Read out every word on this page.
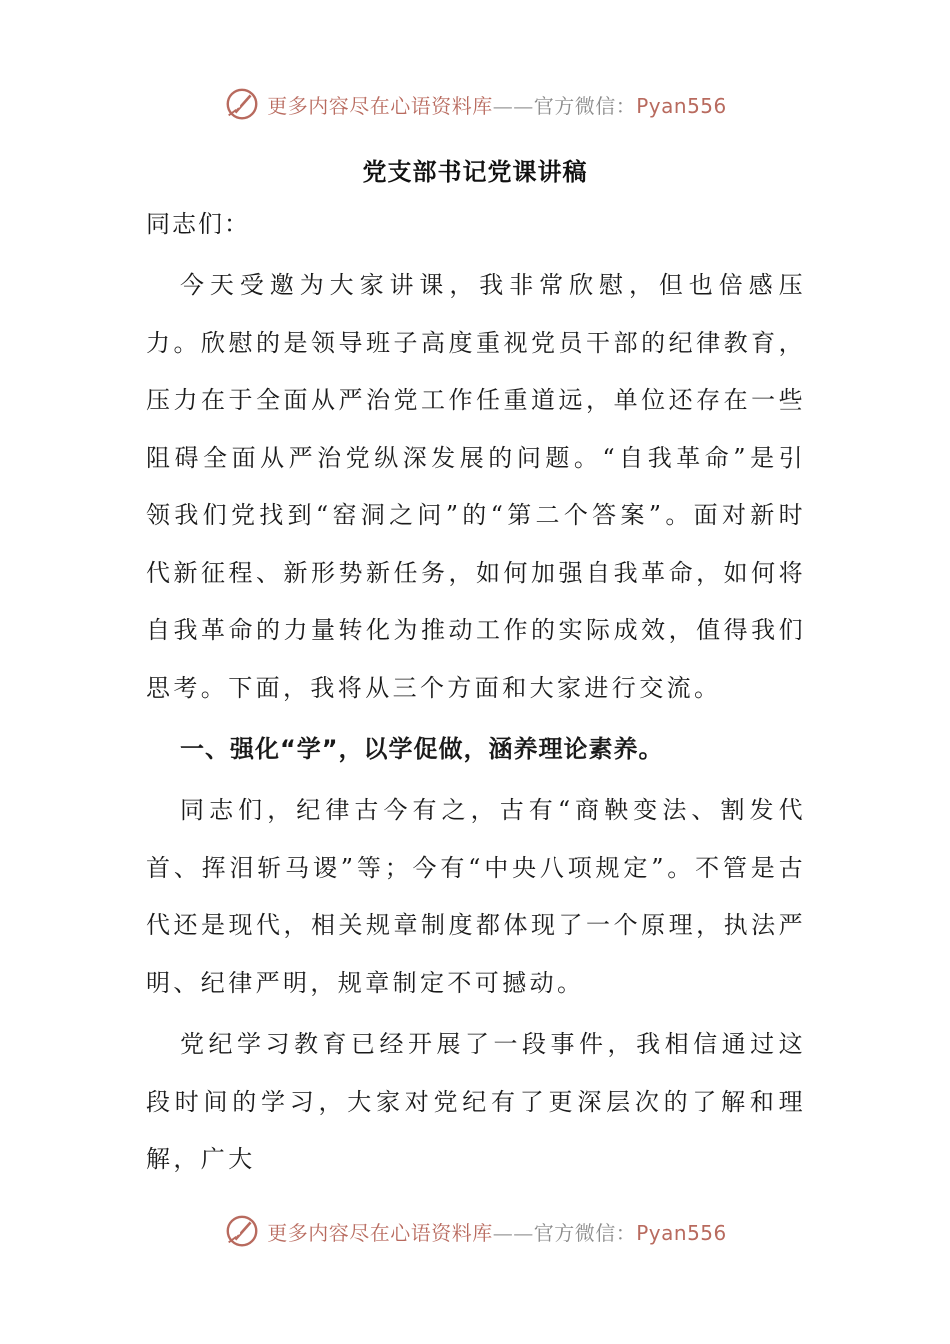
更多内容尽在心语资料库——官方微信：Pyan556
党支部书记党课讲稿

同志们：

今天受邀为大家讲课，我非常欣慰，但也倍感压力。欣慰的是领导班子高度重视党员干部的纪律教育，压力在于全面从严治党工作任重道远，单位还存在一些阻碍全面从严治党纵深发展的问题。“自我革命”是引领我们党找到“窑洞之问”的“第二个答案”。面对新时代新征程、新形势新任务，如何加强自我革命，如何将自我革命的力量转化为推动工作的实际成效，值得我们思考。下面，我将从三个方面和大家进行交流。

一、强化“学”，以学促做，涵养理论素养。

同志们，纪律古今有之，古有“商鞅变法、割发代首、挥泪斩马谡”等；今有“中央八项规定”。不管是古代还是现代，相关规章制度都体现了一个原理，执法严明、纪律严明，规章制定不可撼动。

党纪学习教育已经开展了一段事件，我相信通过这段时间的学习，大家对党纪有了更深层次的了解和理解，广大

更多内容尽在心语资料库——官方微信：Pyan556
